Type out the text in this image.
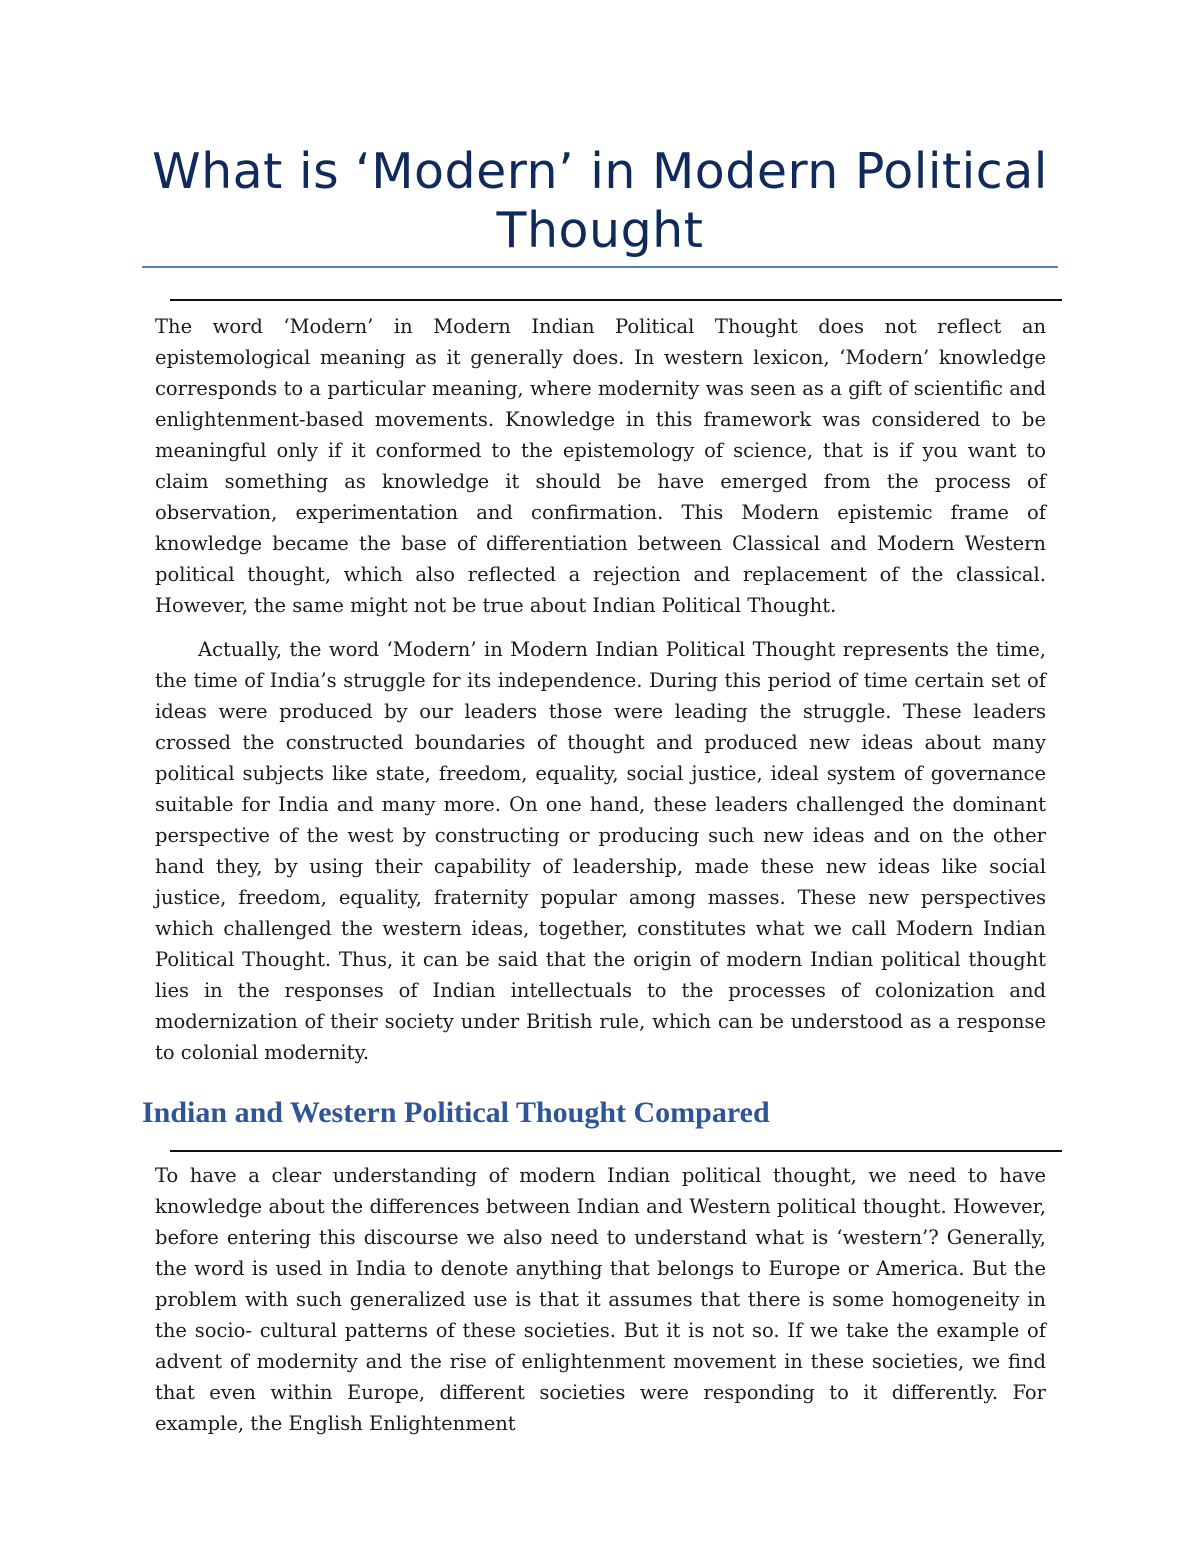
What is ‘Modern’ in Modern Political Thought

The word ‘Modern’ in Modern Indian Political Thought does not reflect an epistemological meaning as it generally does. In western lexicon, ‘Modern’ knowledge corresponds to a particular meaning, where modernity was seen as a gift of scientific and enlightenment-based movements. Knowledge in this framework was considered to be meaningful only if it conformed to the epistemology of science, that is if you want to claim something as knowledge it should be have emerged from the process of observation, experimentation and confirmation. This Modern epistemic frame of knowledge became the base of differentiation between Classical and Modern Western political thought, which also reflected a rejection and replacement of the classical. However, the same might not be true about Indian Political Thought.

Actually, the word ‘Modern’ in Modern Indian Political Thought represents the time, the time of India’s struggle for its independence. During this period of time certain set of ideas were produced by our leaders those were leading the struggle. These leaders crossed the constructed boundaries of thought and produced new ideas about many political subjects like state, freedom, equality, social justice, ideal system of governance suitable for India and many more. On one hand, these leaders challenged the dominant perspective of the west by constructing or producing such new ideas and on the other hand they, by using their capability of leadership, made these new ideas like social justice, freedom, equality, fraternity popular among masses. These new perspectives which challenged the western ideas, together, constitutes what we call Modern Indian Political Thought. Thus, it can be said that the origin of modern Indian political thought lies in the responses of Indian intellectuals to the processes of colonization and modernization of their society under British rule, which can be understood as a response to colonial modernity.

Indian and Western Political Thought Compared

To have a clear understanding of modern Indian political thought, we need to have knowledge about the differences between Indian and Western political thought. However, before entering this discourse we also need to understand what is ‘western’? Generally, the word is used in India to denote anything that belongs to Europe or America. But the problem with such generalized use is that it assumes that there is some homogeneity in the socio- cultural patterns of these societies. But it is not so. If we take the example of advent of modernity and the rise of enlightenment movement in these societies, we find that even within Europe, different societies were responding to it differently. For example, the English Enlightenment
